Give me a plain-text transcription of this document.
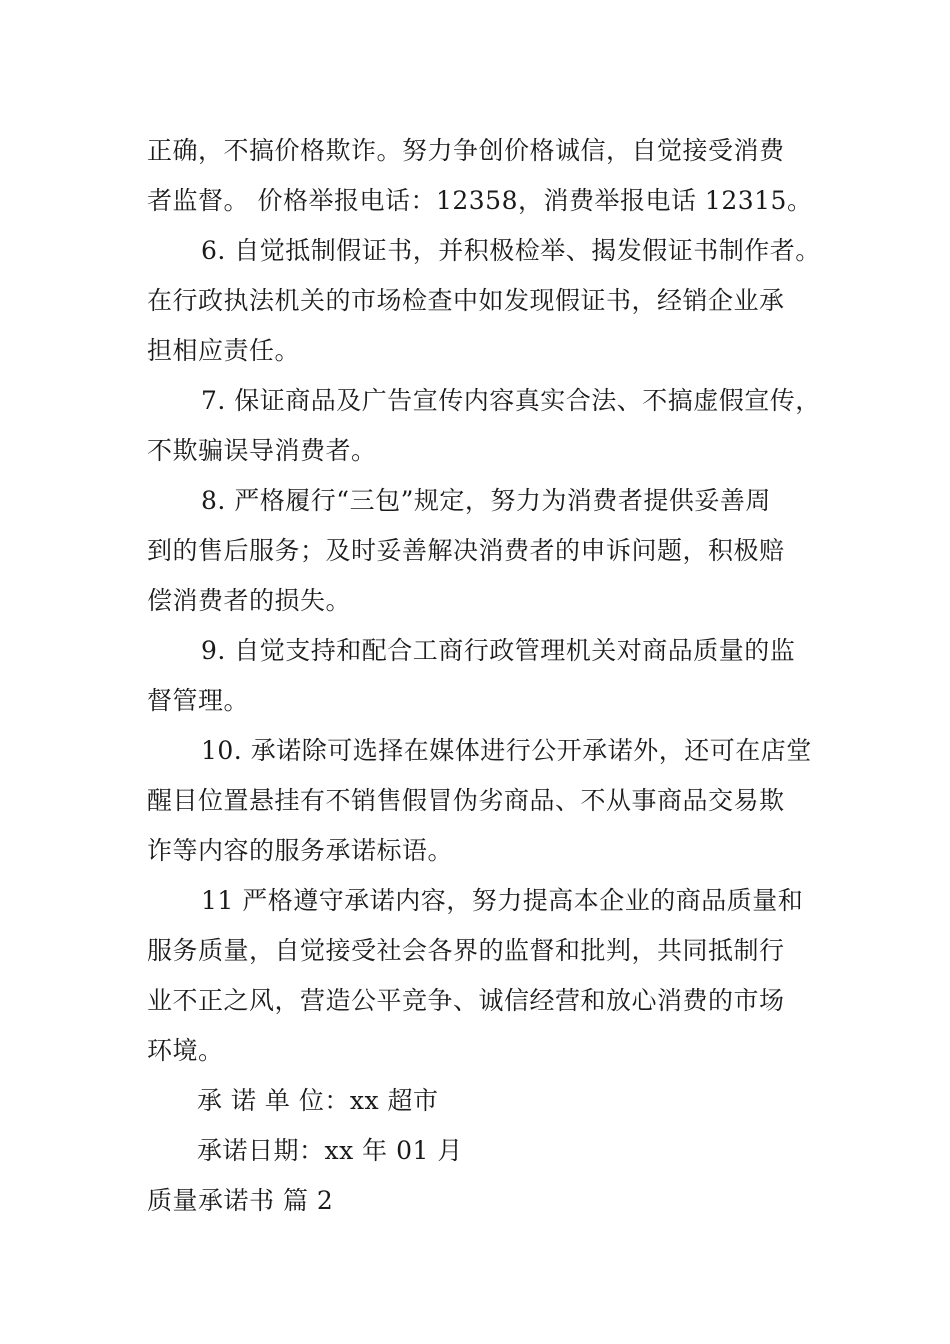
正确，不搞价格欺诈。努力争创价格诚信，自觉接受消费
者监督。 价格举报电话：12358，消费举报电话 12315。

6. 自觉抵制假证书，并积极检举、揭发假证书制作者。
在行政执法机关的市场检查中如发现假证书，经销企业承
担相应责任。

7. 保证商品及广告宣传内容真实合法、不搞虚假宣传，
不欺骗误导消费者。

8. 严格履行“三包”规定，努力为消费者提供妥善周
到的售后服务；及时妥善解决消费者的申诉问题，积极赔
偿消费者的损失。

9. 自觉支持和配合工商行政管理机关对商品质量的监
督管理。

10. 承诺除可选择在媒体进行公开承诺外，还可在店堂
醒目位置悬挂有不销售假冒伪劣商品、不从事商品交易欺
诈等内容的服务承诺标语。

11 严格遵守承诺内容，努力提高本企业的商品质量和
服务质量，自觉接受社会各界的监督和批判，共同抵制行
业不正之风，营造公平竞争、诚信经营和放心消费的市场
环境。

承 诺 单 位：xx 超市

承诺日期：xx 年 01 月

质量承诺书 篇 2
